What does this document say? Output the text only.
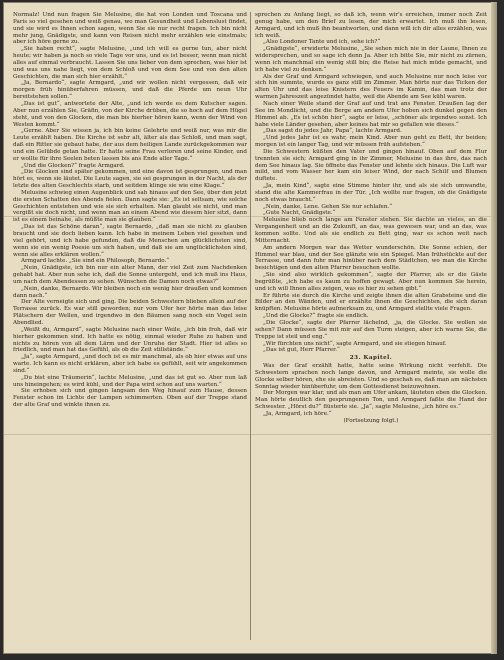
Normalz! Und nun fragen Sie Melusine, die hat von Londen und Toscana und Paris so viel gesehen und weiß genau, wo man Gesundheit und Lebenslust findet, und sie wird es Ihnen schon sagen, wenn Sie sie nur recht fragen. Ich bin nicht mehr jung, Gnädigste, und kann von Reisen nicht mehr erzählen wie einstmals; aber ich höre gerne zu.

„Sie haben recht“, sagte Melusine, „und ich will es gerne tun, aber nicht heute; wir haben ja noch so viele Tage vor uns, und es ist besser, wenn man nicht alles auf einmal verbraucht. Lassen Sie uns lieber von dem sprechen, was hier ist und was uns nahe liegt, von dem Schloß und von dem See und von den alten Geschichten, die man sich hier erzählt.“

„Ja, Bernardo“, sagte Armgard, „und wir wollen nicht vergessen, daß wir morgen früh hinüberfahren müssen, und daß die Pferde um neun Uhr bereitstehen sollen.“

„Das ist gut“, antwortete der Alte, „und ich werde es dem Kutscher sagen. Aber nun erzählen Sie, Gräfin, von der Kirche drüben, die so hoch auf dem Hügel steht, und von den Glocken, die man bis hierher hören kann, wenn der Wind von Westen kommt.“

„Gerne. Aber Sie wissen ja, ich bin keine Gelehrte und weiß nur, was mir die Leute erzählt haben. Die Kirche ist sehr alt, älter als das Schloß, und man sagt, daß ein Ritter sie gebaut habe, der aus dem heiligen Lande zurückgekommen war und ein Gelübde getan hatte. Er hatte seine Frau verloren und seine Kinder, und er wollte für ihre Seelen beten lassen bis ans Ende aller Tage.“

„Und die Glocken?“ fragte Armgard.

„Die Glocken sind später gekommen, und eine davon ist gesprungen, und man hört es, wenn sie läutet. Die Leute sagen, sie sei gesprungen in der Nacht, als der letzte des alten Geschlechts starb, und seitdem klinge sie wie eine Klage.“

Melusine schwieg einen Augenblick und sah hinaus auf den See, über den jetzt die ersten Schatten des Abends fielen. Dann sagte sie: „Es ist seltsam, wie solche Geschichten entstehen und wie sie sich erhalten. Man glaubt sie nicht, und man vergißt sie doch nicht, und wenn man an einem Abend wie diesem hier sitzt, dann ist es einem beinahe, als müßte man sie glauben.“

„Das ist das Schöne daran“, sagte Bernardo, „daß man sie nicht zu glauben braucht und sie doch lieben kann. Ich habe in meinem Leben viel gesehen und viel gehört, und ich habe gefunden, daß die Menschen am glücklichsten sind, wenn sie ein wenig Poesie um sich haben, und daß sie am unglücklichsten sind, wenn sie alles erklären wollen.“

Armgard lachte. „Sie sind ein Philosoph, Bernardo.“

„Nein, Gnädigste, ich bin nur ein alter Mann, der viel Zeit zum Nachdenken gehabt hat. Aber nun sehe ich, daß die Sonne untergeht, und ich muß ins Haus, um nach dem Abendessen zu sehen. Wünschen die Damen noch etwas?“

„Nein, danke, Bernardo. Wir bleiben noch ein wenig hier draußen und kommen dann nach.“

Der Alte verneigte sich und ging. Die beiden Schwestern blieben allein auf der Terrasse zurück. Es war still geworden; nur vom Ufer her hörte man das leise Plätschern der Wellen, und irgendwo in den Bäumen sang noch ein Vogel sein Abendlied.

„Weißt du, Armgard“, sagte Melusine nach einer Weile, „ich bin froh, daß wir hierher gekommen sind. Ich hatte es nötig, einmal wieder Ruhe zu haben und nichts zu hören von all dem Lärm und der Unruhe der Stadt. Hier ist alles so friedlich, und man hat das Gefühl, als ob die Zeit stillstände.“

„Ja“, sagte Armgard, „und doch ist es mir manchmal, als ob hier etwas auf uns warte. Ich kann es nicht erklären, aber ich habe es gefühlt, seit wir angekommen sind.“

„Du bist eine Träumerin“, lachte Melusine, „und das ist gut so. Aber nun laß uns hineingehen; es wird kühl, und der Papa wird schon auf uns warten.“

Sie erhoben sich und gingen langsam den Weg hinauf zum Hause, dessen Fenster schon im Lichte der Lampen schimmerten. Oben auf der Treppe stand der alte Graf und winkte ihnen zu.

sprechen zu Anfang liegt, so daß ich, wenn wir's erreichen, immer noch Zeit genug habe, um den Brief zu lesen, der mich erwartet. Ich muß ihn lesen, Armgard, und ich muß ihn beantworten, und dann will ich dir alles erzählen, was ich weiß.

„Also Londoner Tante und ich, sehe ich?“

„Gnädigste“, erwiderte Melusine, „Sie sehen mich nie in der Laune, Ihnen zu widersprechen, und so sage ich denn Ja. Aber ich bitte Sie, mir nicht zu zürnen, wenn ich manchmal ein wenig still bin; die Reise hat mich müde gemacht, und ich habe viel zu denken.“

Als der Graf und Armgard schwiegen, und auch Melusine nur noch leise vor sich hin summte, wurde es ganz still im Zimmer. Man hörte nur das Ticken der alten Uhr und das leise Knistern des Feuers im Kamin, das man trotz der warmen Jahreszeit angezündet hatte, weil die Abende am See kühl waren.

Nach einer Weile stand der Graf auf und trat ans Fenster. Draußen lag der See im Mondlicht, und die Berge am andern Ufer hoben sich dunkel gegen den Himmel ab. „Es ist schön hier“, sagte er leise, „schöner als irgendwo sonst. Ich habe viele Länder gesehen, aber keines hat mir so gefallen wie dieses.“

„Das sagst du jedes Jahr, Papa“, lachte Armgard.

„Und jedes Jahr ist es wahr, mein Kind. Aber nun geht zu Bett, ihr beiden; morgen ist ein langer Tag, und wir müssen früh aufstehen.“

Die Schwestern küßten den Vater und gingen hinauf. Oben auf dem Flur trennten sie sich; Armgard ging in ihr Zimmer, Melusine in das ihre, das nach dem See hinaus lag. Sie öffnete das Fenster und lehnte sich hinaus. Die Luft war mild, und vom Wasser her kam ein leiser Wind, der nach Schilf und Blumen duftete.

„Ja, mein Kind“, sagte eine Stimme hinter ihr, und als sie sich umwandte, stand die alte Kammerfrau in der Tür. „Ich wollte nur fragen, ob die Gnädigste noch etwas braucht.“

„Nein, danke, Lene. Gehen Sie nur schlafen.“

„Gute Nacht, Gnädigste.“

Melusine blieb noch lange am Fenster stehen. Sie dachte an vieles, an die Vergangenheit und an die Zukunft, an das, was gewesen war, und an das, was kommen sollte. Und als sie endlich zu Bett ging, war es schon weit nach Mitternacht.

Am andern Morgen war das Wetter wunderschön. Die Sonne schien, der Himmel war blau, und der See glänzte wie ein Spiegel. Man frühstückte auf der Terrasse, und dann fuhr man hinüber nach dem Städtchen, wo man die Kirche besichtigen und den alten Pfarrer besuchen wollte.

„Sie sind also wirklich gekommen“, sagte der Pfarrer, als er die Gäste begrüßte, „ich habe es kaum zu hoffen gewagt. Aber nun kommen Sie herein, und ich will Ihnen alles zeigen, was es hier zu sehen gibt.“

Er führte sie durch die Kirche und zeigte ihnen die alten Grabsteine und die Bilder an den Wänden, und er erzählte ihnen die Geschichten, die sich daran knüpften. Melusine hörte aufmerksam zu, und Armgard stellte viele Fragen.

„Und die Glocke?“ fragte sie endlich.

„Die Glocke“, sagte der Pfarrer lächelnd, „ja, die Glocke. Sie wollen sie sehen? Dann müssen Sie mit mir auf den Turm steigen, aber ich warne Sie, die Treppe ist steil und eng.“

„Wir fürchten uns nicht“, sagte Armgard, und sie stiegen hinauf.

„Das ist gut, Herr Pfarrer.“

23. Kapitel.

Was der Graf erzählt hatte, hatte seine Wirkung nicht verfehlt. Die Schwestern sprachen noch lange davon, und Armgard meinte, sie wolle die Glocke selber hören, ehe sie abreisten. Und so geschah es, daß man am nächsten Sonntag wieder hinüberfuhr, um dem Gottesdienst beizuwohnen.

Der Morgen war klar, und als man am Ufer ankam, läuteten eben die Glocken. Man hörte deutlich den gesprungenen Ton, und Armgard faßte die Hand der Schwester. „Hörst du?“ flüsterte sie. „Ja“, sagte Melusine, „ich höre es.“

„Ja, Armgard, ich höre.“

(Fortsetzung folgt.)
